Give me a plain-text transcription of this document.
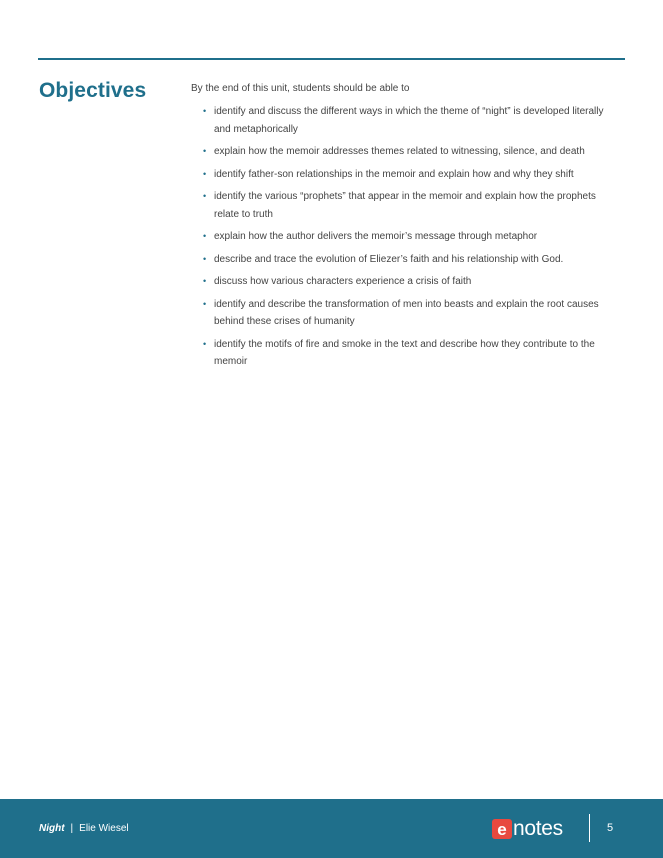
Objectives	By the end of this unit, students should be able to

• identify and discuss the different ways in which the theme of “night” is developed literally and metaphorically
• explain how the memoir addresses themes related to witnessing, silence, and death
• identify father-son relationships in the memoir and explain how and why they shift
• identify the various “prophets” that appear in the memoir and explain how the prophets relate to truth
• explain how the author delivers the memoir’s message through metaphor
• describe and trace the evolution of Eliezer’s faith and his relationship with God.
• discuss how various characters experience a crisis of faith
• identify and describe the transformation of men into beasts and explain the root causes behind these crises of humanity
• identify the motifs of fire and smoke in the text and describe how they contribute to the memoir
Night | Elie Wiesel	e notes	5
